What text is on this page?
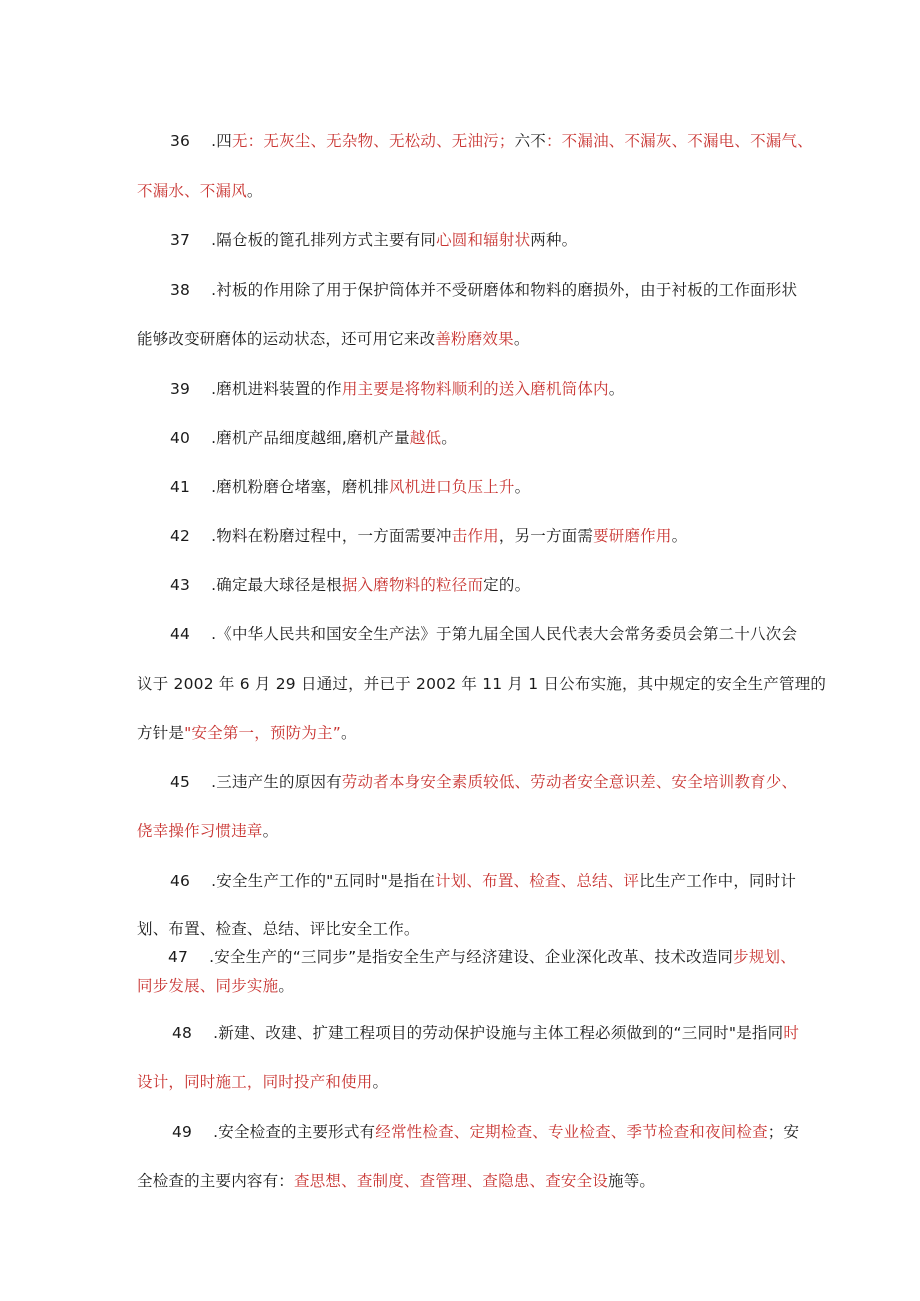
36 .四无：无灰尘、无杂物、无松动、无油污；六不：不漏油、不漏灰、不漏电、不漏气、
不漏水、不漏风。
37 .隔仓板的篦孔排列方式主要有同心圆和辐射状两种。
38 .衬板的作用除了用于保护筒体并不受研磨体和物料的磨损外，由于衬板的工作面形状
能够改变研磨体的运动状态，还可用它来改善粉磨效果。
39 .磨机进料装置的作用主要是将物料顺利的送入磨机筒体内。
40 .磨机产品细度越细,磨机产量越低。
41 .磨机粉磨仓堵塞，磨机排风机进口负压上升。
42 .物料在粉磨过程中，一方面需要冲击作用，另一方面需要研磨作用。
43 .确定最大球径是根据入磨物料的粒径而定的。
44 .《中华人民共和国安全生产法》于第九届全国人民代表大会常务委员会第二十八次会
议于 2002 年 6 月 29 日通过，并已于 2002 年 11 月 1 日公布实施，其中规定的安全生产管理的
方针是"安全第一，预防为主”。
45 .三违产生的原因有劳动者本身安全素质较低、劳动者安全意识差、安全培训教育少、
侥幸操作习惯违章。
46 .安全生产工作的"五同时"是指在计划、布置、检查、总结、评比生产工作中，同时计
划、布置、检查、总结、评比安全工作。
47 .安全生产的“三同步”是指安全生产与经济建设、企业深化改革、技术改造同步规划、
同步发展、同步实施。
48 .新建、改建、扩建工程项目的劳动保护设施与主体工程必须做到的“三同时"是指同时
设计，同时施工，同时投产和使用。
49 .安全检查的主要形式有经常性检查、定期检查、专业检查、季节检查和夜间检查；安
全检查的主要内容有：查思想、查制度、查管理、查隐患、查安全设施等。
